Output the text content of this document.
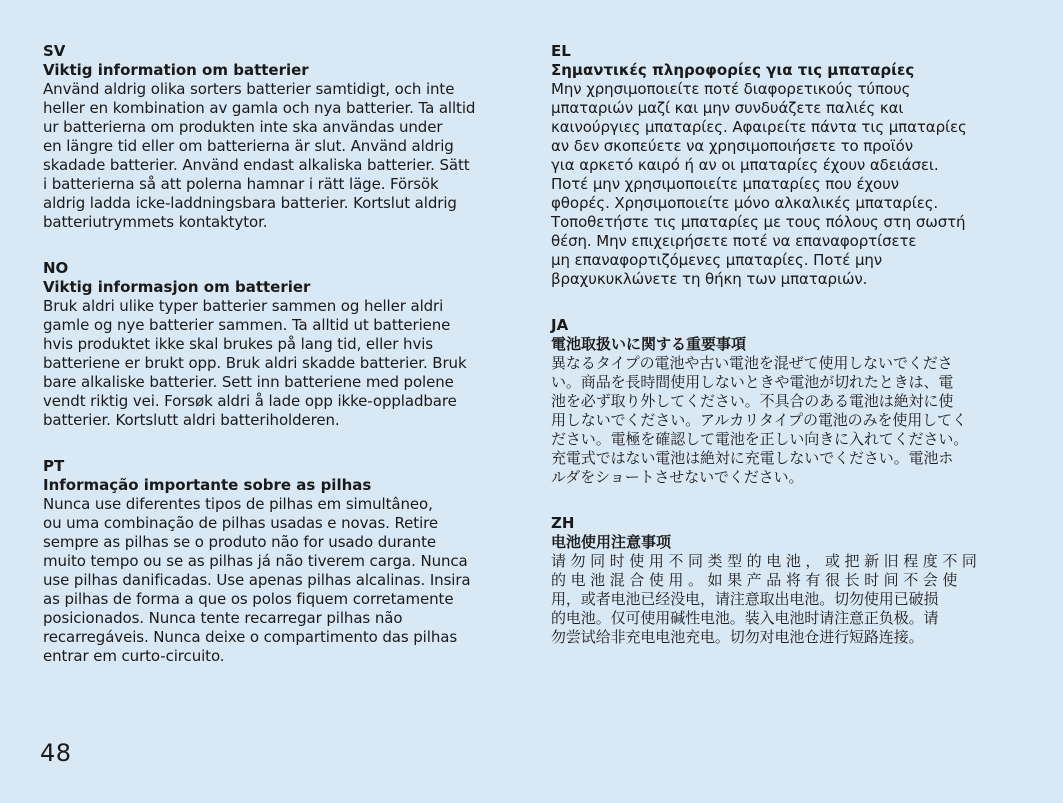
SV

Viktig information om batterier

Använd aldrig olika sorters batterier samtidigt, och inte

heller en kombination av gamla och nya batterier. Ta alltid

ur batterierna om produkten inte ska användas under

en längre tid eller om batterierna är slut. Använd aldrig

skadade batterier. Använd endast alkaliska batterier. Sätt

i batterierna så att polerna hamnar i rätt läge. Försök

aldrig ladda icke-laddningsbara batterier. Kortslut aldrig

batteriutrymmets kontaktytor.

NO

Viktig informasjon om batterier

Bruk aldri ulike typer batterier sammen og heller aldri

gamle og nye batterier sammen. Ta alltid ut batteriene

hvis produktet ikke skal brukes på lang tid, eller hvis

batteriene er brukt opp. Bruk aldri skadde batterier. Bruk

bare alkaliske batterier. Sett inn batteriene med polene

vendt riktig vei. Forsøk aldri å lade opp ikke-oppladbare

batterier. Kortslutt aldri batteriholderen.

PT

Informação importante sobre as pilhas

Nunca use diferentes tipos de pilhas em simultâneo,

ou uma combinação de pilhas usadas e novas. Retire

sempre as pilhas se o produto não for usado durante

muito tempo ou se as pilhas já não tiverem carga. Nunca

use pilhas danificadas. Use apenas pilhas alcalinas. Insira

as pilhas de forma a que os polos fiquem corretamente

posicionados. Nunca tente recarregar pilhas não

recarregáveis. Nunca deixe o compartimento das pilhas

entrar em curto-circuito.

EL

Σημαντικές πληροφορίες για τις μπαταρίες

Μην χρησιμοποιείτε ποτέ διαφορετικούς τύπους

μπαταριών μαζί και μην συνδυάζετε παλιές και

καινούργιες μπαταρίες. Αφαιρείτε πάντα τις μπαταρίες

αν δεν σκοπεύετε να χρησιμοποιήσετε το προϊόν

για αρκετό καιρό ή αν οι μπαταρίες έχουν αδειάσει.

Ποτέ μην χρησιμοποιείτε μπαταρίες που έχουν

φθορές. Χρησιμοποιείτε μόνο αλκαλικές μπαταρίες.

Τοποθετήστε τις μπαταρίες με τους πόλους στη σωστή

θέση. Μην επιχειρήσετε ποτέ να επαναφορτίσετε

μη επαναφορτιζόμενες μπαταρίες. Ποτέ μην

βραχυκυκλώνετε τη θήκη των μπαταριών.

JA

電池取扱いに関する重要事項

異なるタイプの電池や古い電池を混ぜて使用しないでくださ

い。商品を長時間使用しないときや電池が切れたときは、電

池を必ず取り外してください。不具合のある電池は絶対に使

用しないでください。アルカリタイプの電池のみを使用してく

ださい。電極を確認して電池を正しい向きに入れてください。

充電式ではない電池は絶対に充電しないでください。電池ホ

ルダをショートさせないでください。

ZH

电池使用注意事项

请 勿 同 时 使 用 不 同 类 型 的 电 池 ， 或 把 新 旧 程 度 不 同

的 电 池 混 合 使 用 。 如 果 产 品 将 有 很 长 时 间 不 会 使

用，或者电池已经没电，请注意取出电池。切勿使用已破损

的电池。仅可使用碱性电池。装入电池时请注意正负极。请

勿尝试给非充电电池充电。切勿对电池仓进行短路连接。

48
